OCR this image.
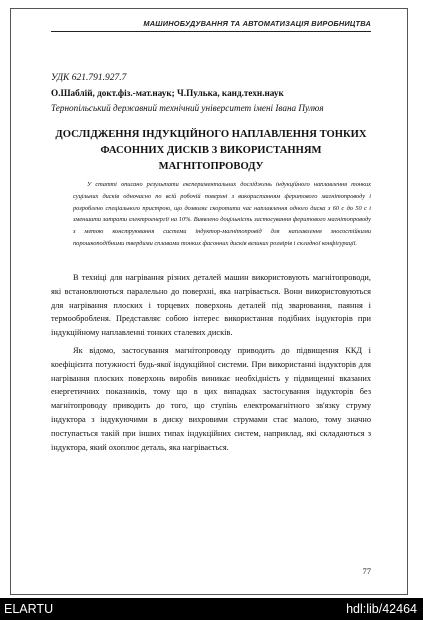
МАШИНОБУДУВАННЯ ТА АВТОМАТИЗАЦІЯ ВИРОБНИЦТВА
УДК 621.791.927.7
О.Шаблій, докт.фіз.-мат.наук; Ч.Пулька, канд.техн.наук
Тернопільський державний технічний університет імені Івана Пулюя
ДОСЛІДЖЕННЯ ІНДУКЦІЙНОГО НАПЛАВЛЕННЯ ТОНКИХ ФАСОННИХ ДИСКІВ З ВИКОРИСТАННЯМ МАГНІТОПРОВОДУ
У статті описано результати експериментальних досліджень індукційного наплавлення тонких суцільних дисків одночасно по всій робочій поверхні з використанням феритового магнітопроводу і розроблено спеціального пристрою, що дозволяє скоротити час наплавлення одного диска з 60 с до 50 с і зменшити затрати електроенергії на 10%. Виявлено доцільність застосування феритового магнітопроводу з метою конструювання системи індуктор-магнітопровід для наплавлення зносостійкими порошкоподібними твердими сплавами тонких фасонних дисків великих розмірів і складної конфігурації.

В техніці для нагрівання різних деталей машин використовують магнітопроводи, які встановлюються паралельно до поверхні, яка нагрівається. Вони використовуються для нагрівання плоских і торцевих поверхонь деталей під зварювання, паяння і термообробленя. Представляє собою інтерес використання подібних індукторів при індукційному наплавленні тонких сталевих дисків.

Як відомо, застосування магнітопроводу приводить до підвищення ККД і коефіцієнта потужності будь-якої індукційної системи. При використанні індукторів для нагрівання плоских поверхонь виробів виникає необхідність у підвищенні вказаних енергетичних показників, тому що в цих випадках застосування індукторів без магнітопроводу приводить до того, що ступінь електромагнітного зв'язку струму індуктора з індукуючими в диску вихровими струмами стає малою, тому значно поступається такій при інших типах індукційних систем, наприклад, які складаються з індуктора, який охоплює деталь, яка нагрівається.

77
ELARTU	hdl:lib/42464
